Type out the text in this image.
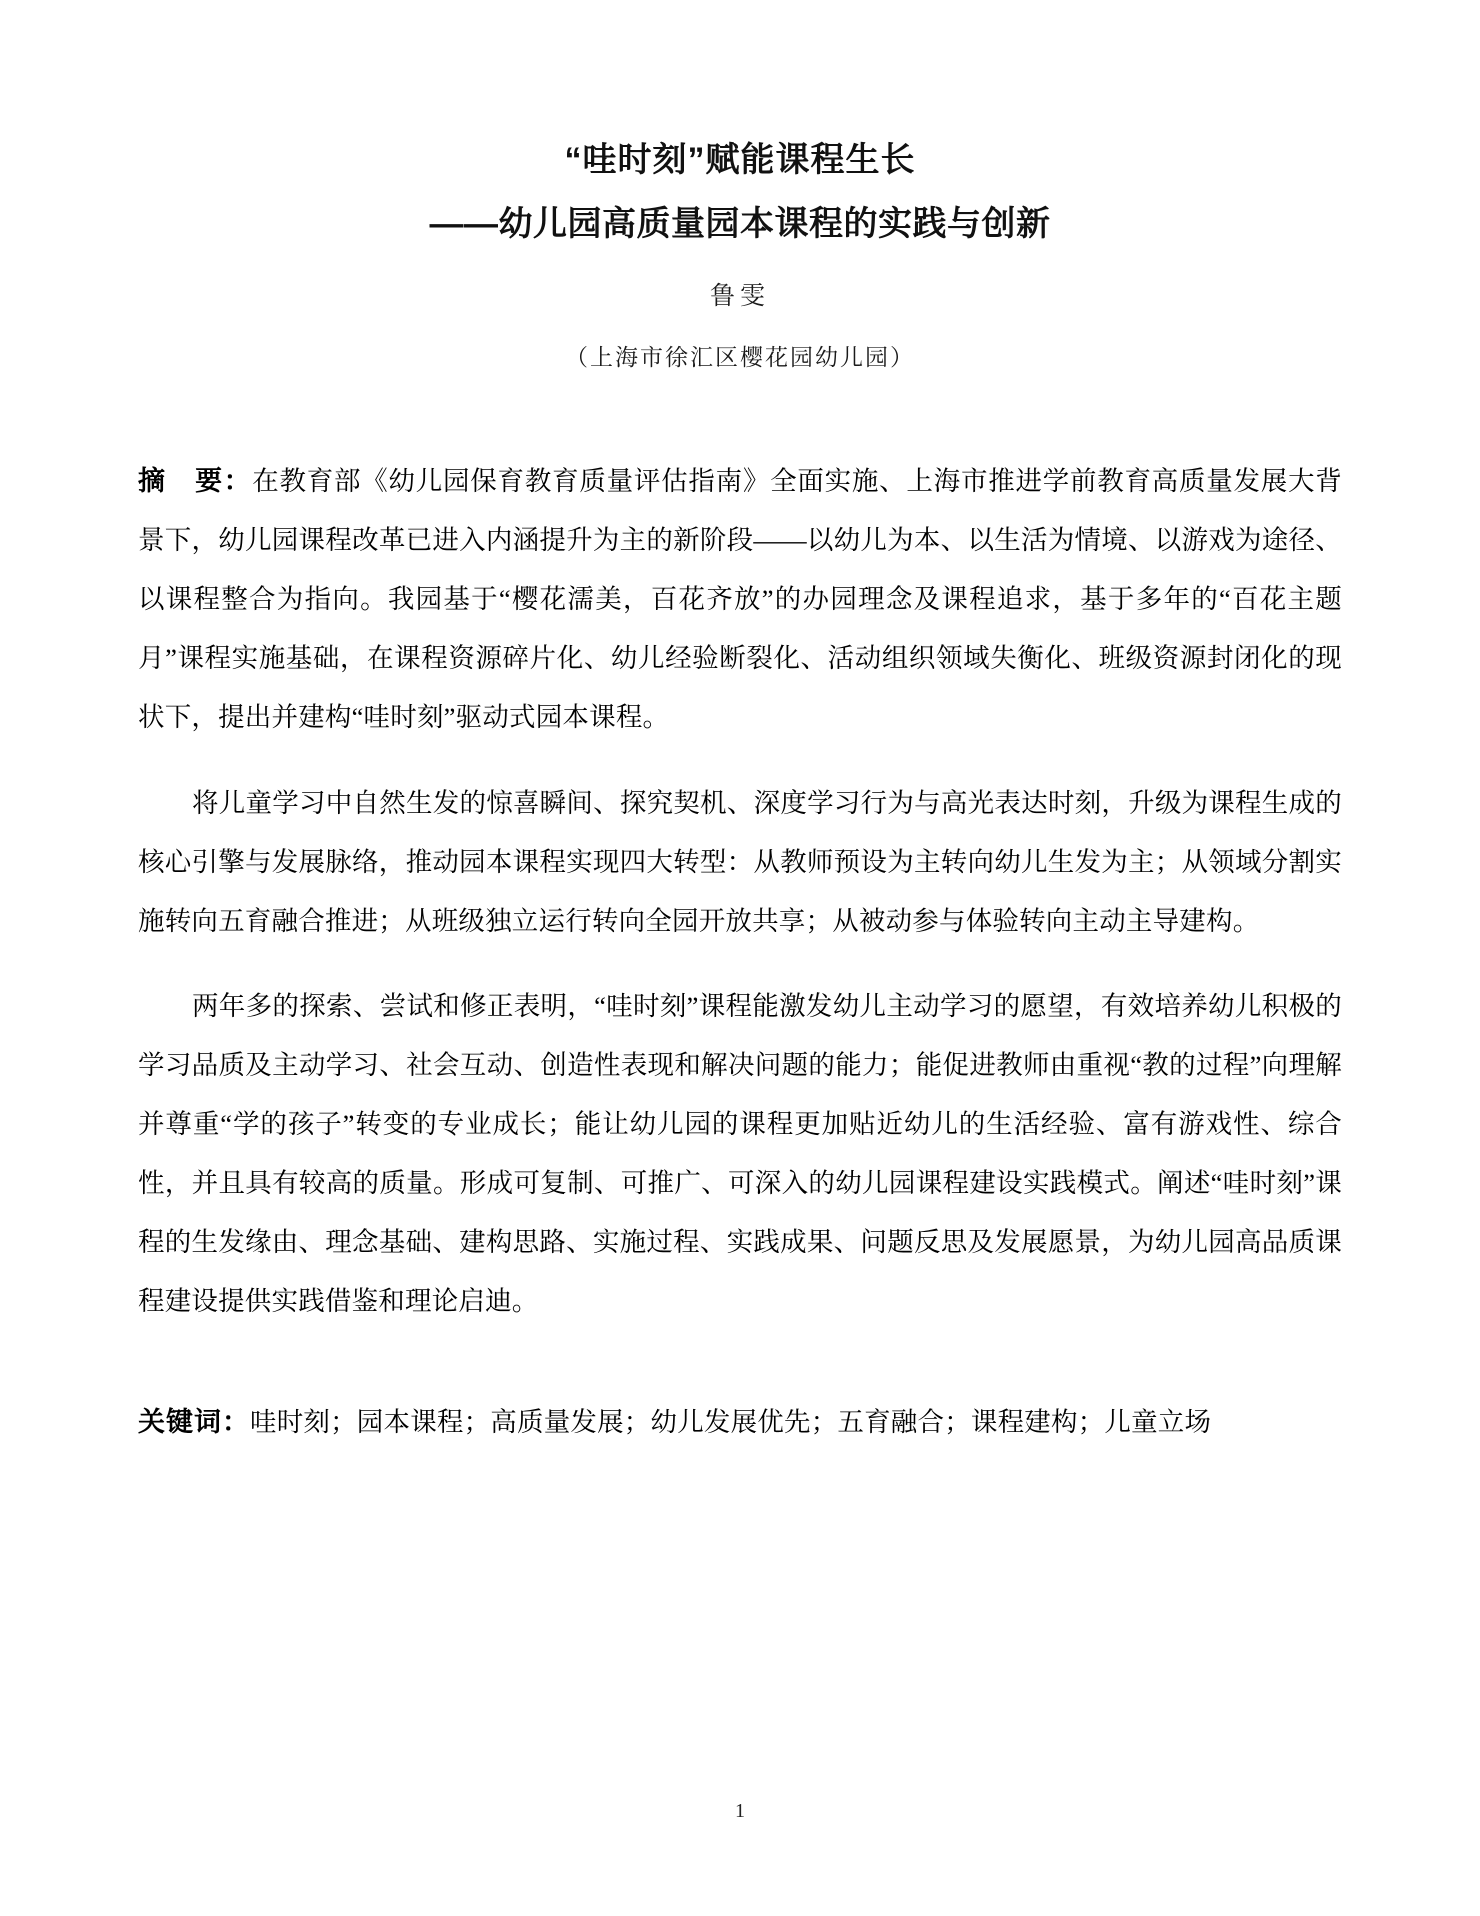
“哇时刻”赋能课程生长
——幼儿园高质量园本课程的实践与创新
鲁雯
（上海市徐汇区樱花园幼儿园）

摘　要：在教育部《幼儿园保育教育质量评估指南》全面实施、上海市推进学前教育高质量发展大背景下，幼儿园课程改革已进入内涵提升为主的新阶段——以幼儿为本、以生活为情境、以游戏为途径、以课程整合为指向。我园基于“樱花濡美，百花齐放”的办园理念及课程追求，基于多年的“百花主题月”课程实施基础，在课程资源碎片化、幼儿经验断裂化、活动组织领域失衡化、班级资源封闭化的现状下，提出并建构“哇时刻”驱动式园本课程。

将儿童学习中自然生发的惊喜瞬间、探究契机、深度学习行为与高光表达时刻，升级为课程生成的核心引擎与发展脉络，推动园本课程实现四大转型：从教师预设为主转向幼儿生发为主；从领域分割实施转向五育融合推进；从班级独立运行转向全园开放共享；从被动参与体验转向主动主导建构。

两年多的探索、尝试和修正表明，“哇时刻”课程能激发幼儿主动学习的愿望，有效培养幼儿积极的学习品质及主动学习、社会互动、创造性表现和解决问题的能力；能促进教师由重视“教的过程”向理解并尊重“学的孩子”转变的专业成长；能让幼儿园的课程更加贴近幼儿的生活经验、富有游戏性、综合性，并且具有较高的质量。形成可复制、可推广、可深入的幼儿园课程建设实践模式。阐述“哇时刻”课程的生发缘由、理念基础、建构思路、实施过程、实践成果、问题反思及发展愿景，为幼儿园高品质课程建设提供实践借鉴和理论启迪。

关键词：哇时刻；园本课程；高质量发展；幼儿发展优先；五育融合；课程建构；儿童立场

1
